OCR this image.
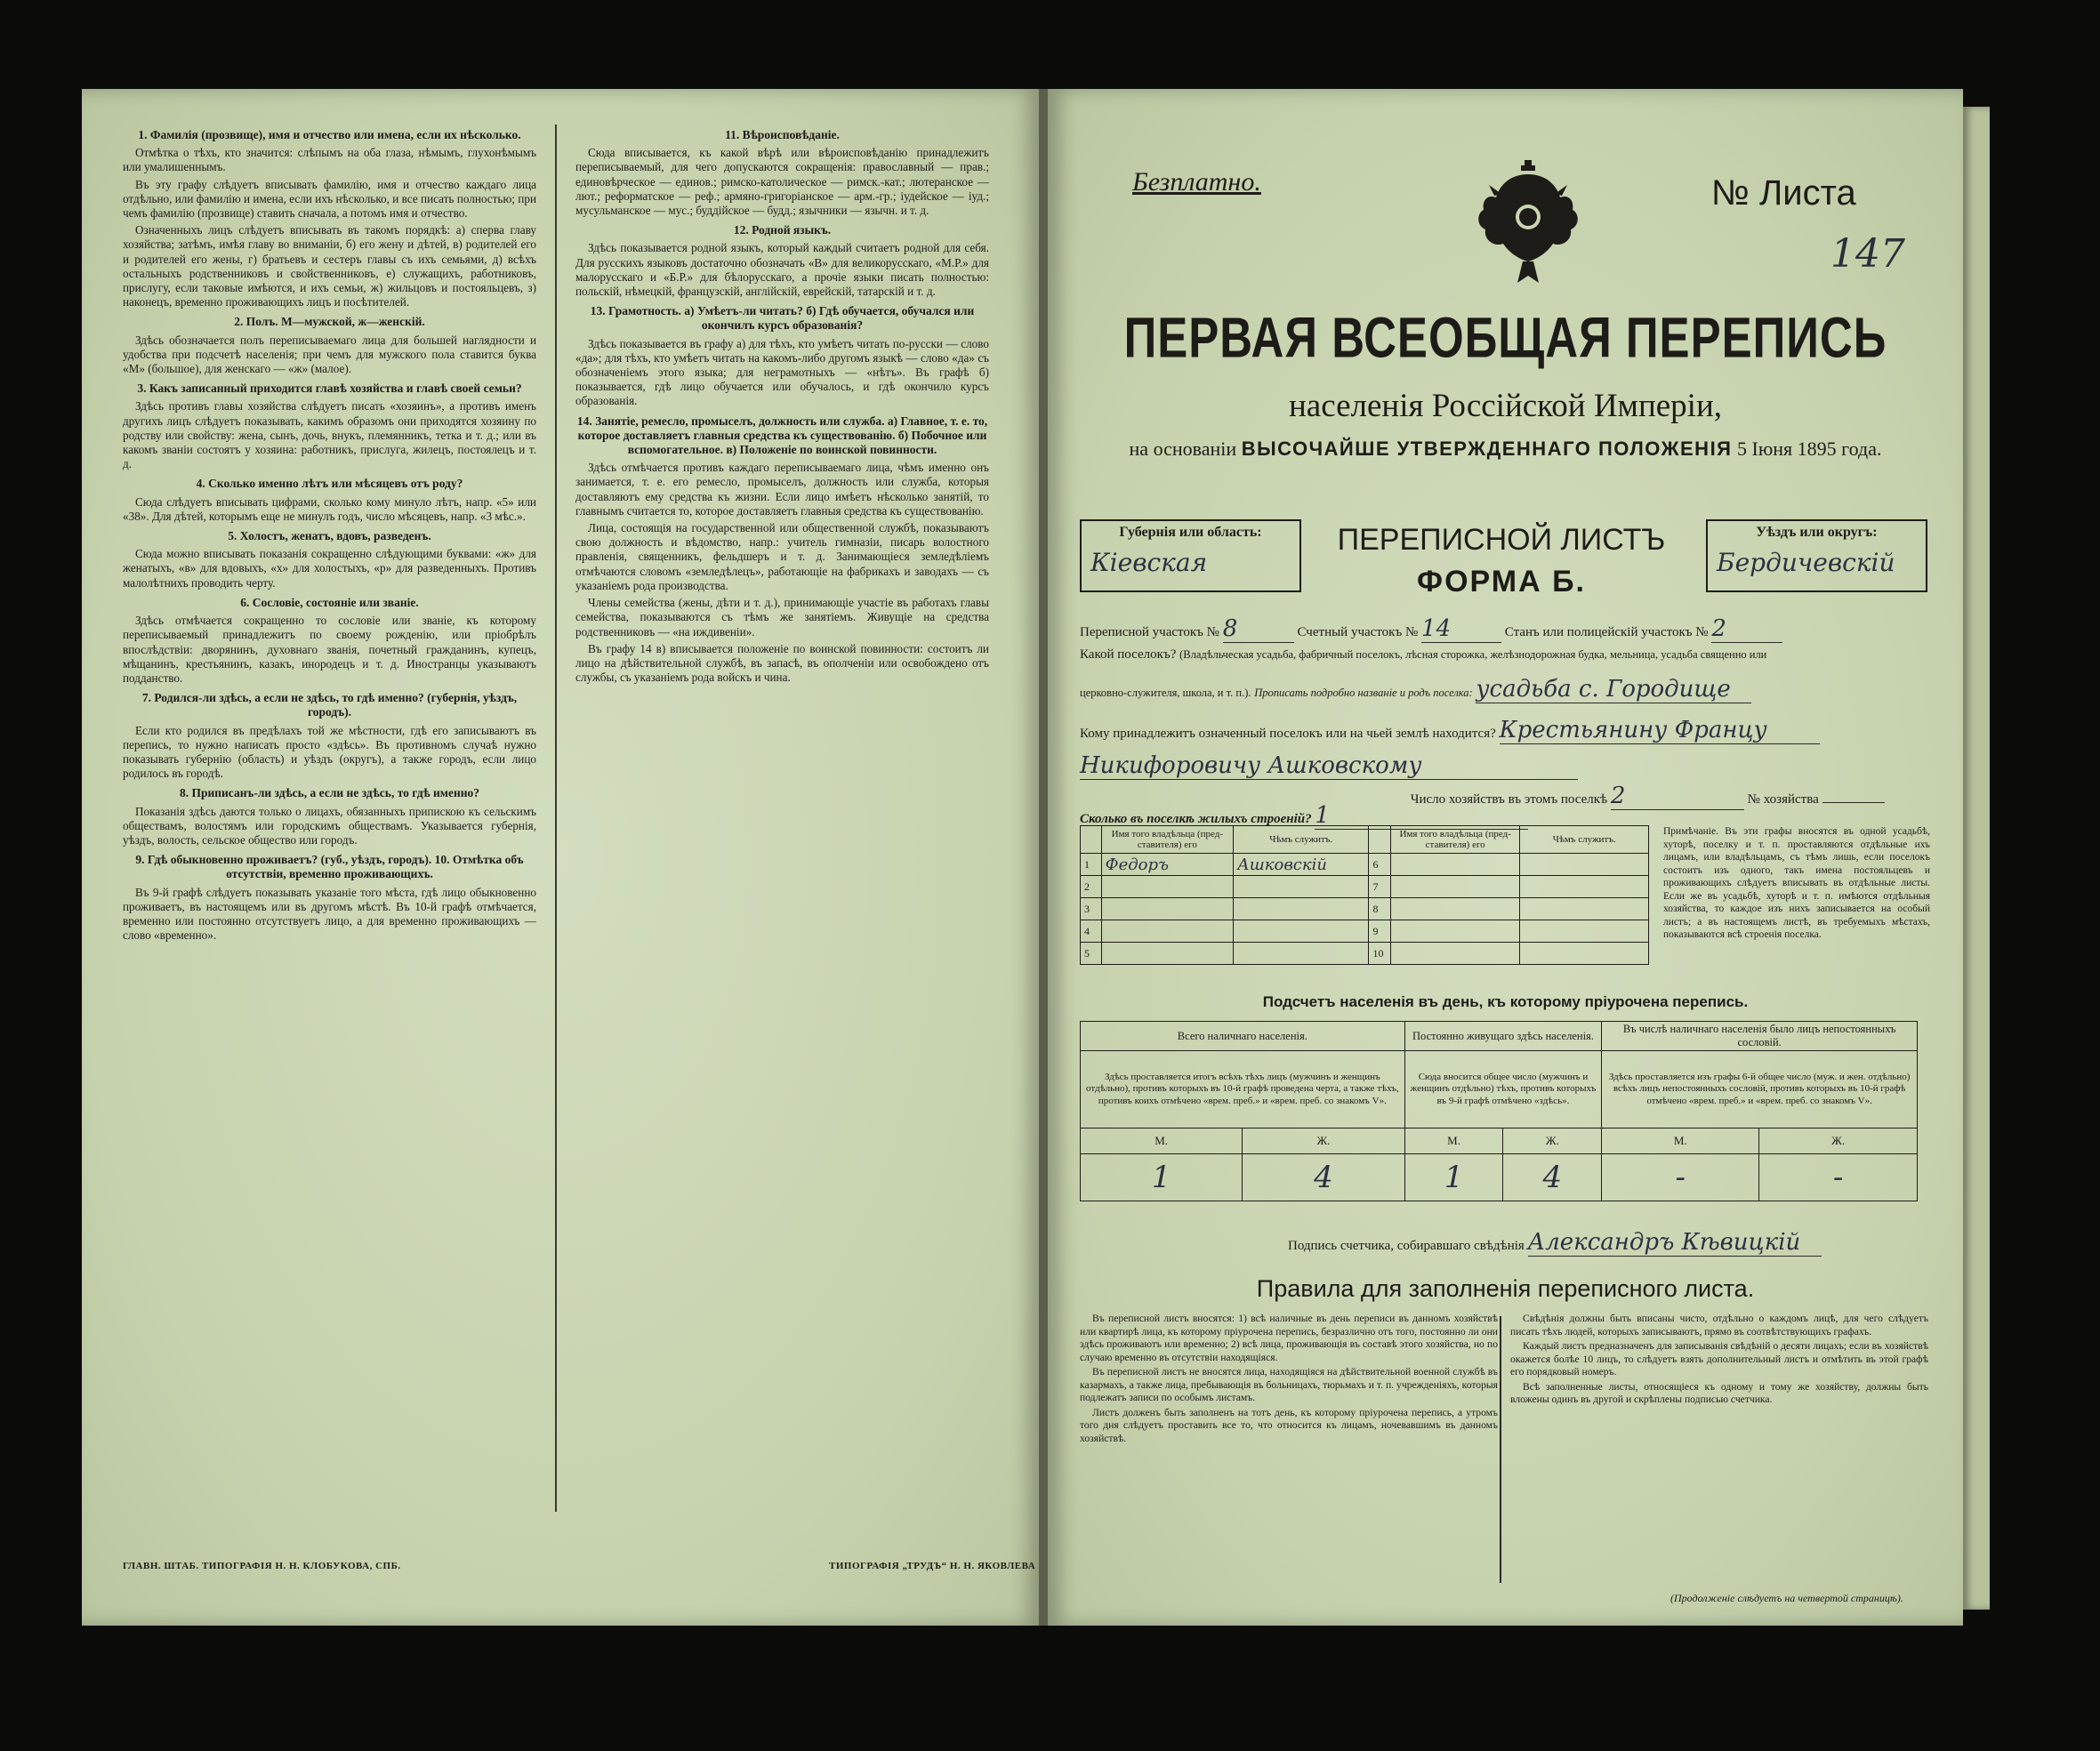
1. Фамилія (прозвище), имя и отчество или имена, если их нѣсколько.

Отмѣтка о тѣхъ, кто значится: слѣпымъ на оба глаза, нѣмымъ, глухонѣмымъ или умалишеннымъ.

Въ эту графу слѣдуетъ вписывать фамилію, имя и отчество каждаго лица отдѣльно, или фамилію и имена, если ихъ нѣсколько, и все писать полностью; при чемъ фамилію (прозвище) ставить сначала, а потомъ имя и отчество.

Означенныхъ лицъ слѣдуетъ вписывать въ такомъ порядкѣ: а) сперва главу хозяйства; затѣмъ, имѣя главу во вниманіи, б) его жену и дѣтей, в) родителей его и родителей его жены, г) братьевъ и сестеръ главы съ ихъ семьями, д) всѣхъ остальныхъ родственниковъ и свойственниковъ, е) служащихъ, работниковъ, прислугу, если таковые имѣются, и ихъ семьи, ж) жильцовъ и постояльцевъ, з) наконецъ, временно проживающихъ лицъ и посѣтителей.

2. Полъ. М—мужской, ж—женскій.

Здѣсь обозначается полъ переписываемаго лица для большей наглядности и удобства при подсчетѣ населенія; при чемъ для мужского пола ставится буква «М» (большое), для женскаго — «ж» (малое).

3. Какъ записанный приходится главѣ хозяйства и главѣ своей семьи?

Здѣсь противъ главы хозяйства слѣдуетъ писать «хозяинъ», а противъ именъ другихъ лицъ слѣдуетъ показывать, какимъ образомъ они приходятся хозяину по родству или свойству: жена, сынъ, дочь, внукъ, племянникъ, тетка и т. д.; или въ какомъ званіи состоятъ у хозяина: работникъ, прислуга, жилецъ, постоялецъ и т. д.

4. Сколько именно лѣтъ или мѣсяцевъ отъ роду?

Сюда слѣдуетъ вписывать цифрами, сколько кому минуло лѣтъ, напр. «5» или «38». Для дѣтей, которымъ еще не минулъ годъ, число мѣсяцевъ, напр. «3 мѣс.».

5. Холостъ, женатъ, вдовъ, разведенъ.

Сюда можно вписывать показанія сокращенно слѣдующими буквами: «ж» для женатыхъ, «в» для вдовыхъ, «х» для холостыхъ, «р» для разведенныхъ. Противъ малолѣтнихъ проводить черту.

6. Сословіе, состояніе или званіе.

Здѣсь отмѣчается сокращенно то сословіе или званіе, къ которому переписываемый принадлежитъ по своему рожденію, или пріобрѣлъ впослѣдствіи: дворянинъ, духовнаго званія, почетный гражданинъ, купецъ, мѣщанинъ, крестьянинъ, казакъ, инородецъ и т. д. Иностранцы указываютъ подданство.

7. Родился-ли здѣсь, а если не здѣсь, то гдѣ именно? (губернія, уѣздъ, городъ).

Если кто родился въ предѣлахъ той же мѣстности, гдѣ его записываютъ въ перепись, то нужно написать просто «здѣсь». Въ противномъ случаѣ нужно показывать губернію (область) и уѣздъ (округъ), а также городъ, если лицо родилось въ городѣ.

8. Приписанъ-ли здѣсь, а если не здѣсь, то гдѣ именно?

Показанія здѣсь даются только о лицахъ, обязанныхъ припискою къ сельскимъ обществамъ, волостямъ или городскимъ обществамъ. Указывается губернія, уѣздъ, волость, сельское общество или городъ.

9. Гдѣ обыкновенно проживаетъ? (губ., уѣздъ, городъ). 10. Отмѣтка объ отсутствіи, временно проживающихъ.

Въ 9-й графѣ слѣдуетъ показывать указаніе того мѣста, гдѣ лицо обыкновенно проживаетъ, въ настоящемъ или въ другомъ мѣстѣ. Въ 10-й графѣ отмѣчается, временно или постоянно отсутствуетъ лицо, а для временно проживающихъ — слово «временно».

11. Вѣроисповѣданіе.

Сюда вписывается, къ какой вѣрѣ или вѣроисповѣданію принадлежитъ переписываемый, для чего допускаются сокращенія: православный — прав.; единовѣрческое — единов.; римско-католическое — римск.-кат.; лютеранское — лют.; реформатское — реф.; армяно-григоріанское — арм.-гр.; іудейское — іуд.; мусульманское — мус.; буддійское — будд.; язычники — язычн. и т. д.

12. Родной языкъ.

Здѣсь показывается родной языкъ, который каждый считаетъ родной для себя. Для русскихъ языковъ достаточно обозначать «В» для великорусскаго, «М.Р.» для малорусскаго и «Б.Р.» для бѣлорусскаго, а прочіе языки писать полностью: польскій, нѣмецкій, французскій, англійскій, еврейскій, татарскій и т. д.

13. Грамотность. а) Умѣетъ-ли читать? б) Гдѣ обучается, обучался или окончилъ курсъ образованія?

Здѣсь показывается въ графу а) для тѣхъ, кто умѣетъ читать по-русски — слово «да»; для тѣхъ, кто умѣетъ читать на какомъ-либо другомъ языкѣ — слово «да» съ обозначеніемъ этого языка; для неграмотныхъ — «нѣтъ». Въ графѣ б) показывается, гдѣ лицо обучается или обучалось, и гдѣ окончило курсъ образованія.

14. Занятіе, ремесло, промыселъ, должность или служба. а) Главное, т. е. то, которое доставляетъ главныя средства къ существованію. б) Побочное или вспомогательное. в) Положеніе по воинской повинности.

Здѣсь отмѣчается противъ каждаго переписываемаго лица, чѣмъ именно онъ занимается, т. е. его ремесло, промыселъ, должность или служба, которыя доставляютъ ему средства къ жизни. Если лицо имѣетъ нѣсколько занятій, то главнымъ считается то, которое доставляетъ главныя средства къ существованію.

Лица, состоящія на государственной или общественной службѣ, показываютъ свою должность и вѣдомство, напр.: учитель гимназіи, писарь волостного правленія, священникъ, фельдшеръ и т. д. Занимающіеся земледѣліемъ отмѣчаются словомъ «земледѣлецъ», работающіе на фабрикахъ и заводахъ — съ указаніемъ рода производства.

Члены семейства (жены, дѣти и т. д.), принимающіе участіе въ работахъ главы семейства, показываются съ тѣмъ же занятіемъ. Живущіе на средства родственниковъ — «на иждивеніи».

Въ графу 14 в) вписывается положеніе по воинской повинности: состоитъ ли лицо на дѣйствительной службѣ, въ запасѣ, въ ополченіи или освобождено отъ службы, съ указаніемъ рода войскъ и чина.

ГЛАВН. ШТАБ. ТИПОГРАФІЯ Н. Н. КЛОБУКОВА, СПБ.	ТИПОГРАФІЯ „ТРУДЪ“ Н. Н. ЯКОВЛЕВА
Безплатно.	№ Листа
147
ПЕРВАЯ ВСЕОБЩАЯ ПЕРЕПИСЬ
населенія Россійской Имперіи,
на основаніи ВЫСОЧАЙШЕ УТВЕРЖДЕННАГО ПОЛОЖЕНІЯ 5 Іюня 1895 года.
Губернія или область:
Кіевская
ПЕРЕПИСНОЙ ЛИСТЪ
ФОРМА Б.
Уѣздъ или округъ:
Бердичевскій
Переписной участокъ № 8	Счетный участокъ № 14	Станъ или полицейскій участокъ № 2
Какой поселокъ? (Владѣльческая усадьба, фабричный поселокъ, лѣсная сторожка, желѣзнодорожная будка, мельница, усадьба священно или
церковно-служителя, школа, и т. п.). Прописать подробно названіе и родъ поселка: усадьба с. Городище
Кому принадлежитъ означенный поселокъ или на чьей землѣ находится? Крестьянину Францу
Никифоровичу Ашковскому
Число хозяйствъ въ этомъ поселкѣ 2	№ хозяйства
Сколько въ поселкѣ жилыхъ строеній? 1
	Имя того владѣльца (пред-ставителя) его	Чѣмъ служитъ.		Имя того владѣльца (пред-ставителя) его	Чѣмъ служитъ.
1	Федоръ	Ашковскій	6		
2			7		
3			8		
4			9		
5			10		
Примѣчаніе. Въ эти графы вносятся въ одной усадьбѣ, хуторѣ, поселку и т. п. проставляются отдѣльные ихъ лицамъ, или владѣльцамъ, съ тѣмъ лишь, если поселокъ состоитъ изъ одного, такъ имена постояльцевъ и проживающихъ слѣдуетъ вписывать въ отдѣльные листы. Если же въ усадьбѣ, хуторѣ и т. п. имѣются отдѣльныя хозяйства, то каждое изъ нихъ записывается на особый листъ; а въ настоящемъ листѣ, въ требуемыхъ мѣстахъ, показываются всѣ строенія поселка.
Подсчетъ населенія въ день, къ которому пріурочена перепись.
Всего наличнаго населенія.		Постоянно живущаго здѣсь населенія.		Въ числѣ наличнаго населенія было лицъ непостоянныхъ сословій.	
Здѣсь проставляется итогъ всѣхъ тѣхъ лицъ (мужчинъ и женщинъ отдѣльно), противъ которыхъ въ 10-й графѣ проведена черта, а также тѣхъ, противъ коихъ отмѣчено «врем. преб.» и «врем. преб. со знакомъ V».		Сюда вносится общее число (мужчинъ и женщинъ отдѣльно) тѣхъ, противъ которыхъ въ 9-й графѣ отмѣчено «здѣсь».		Здѣсь проставляется изъ графы 6-й общее число (муж. и жен. отдѣльно) всѣхъ лицъ непостоянныхъ сословій, противъ которыхъ въ 10-й графѣ отмѣчено «врем. преб.» и «врем. преб. со знакомъ V».	
М.	Ж.	М.	Ж.	М.	Ж.
1	4	1	4	-	-
Подпись счетчика, собиравшаго свѣдѣнія Александръ Кѣвицкій
Правила для заполненія переписного листа.

Въ переписной листъ вносятся: 1) всѣ наличные въ день переписи въ данномъ хозяйствѣ или квартирѣ лица, къ которому пріурочена перепись, безразлично отъ того, постоянно ли они здѣсь проживаютъ или временно; 2) всѣ лица, проживающія въ составѣ этого хозяйства, но по случаю временно въ отсутствіи находящіяся.

Въ переписной листъ не вносятся лица, находящіяся на дѣйствительной военной службѣ въ казармахъ, а также лица, пребывающія въ больницахъ, тюрьмахъ и т. п. учрежденіяхъ, которыя подлежатъ записи по особымъ листамъ.

Листъ долженъ быть заполненъ на тотъ день, къ которому пріурочена перепись, а утромъ того дня слѣдуетъ проставить все то, что относится къ лицамъ, ночевавшимъ въ данномъ хозяйствѣ.

Свѣдѣнія должны быть вписаны чисто, отдѣльно о каждомъ лицѣ, для чего слѣдуетъ писать тѣхъ людей, которыхъ записываютъ, прямо въ соотвѣтствующихъ графахъ.

Каждый листъ предназначенъ для записыванія свѣдѣній о десяти лицахъ; если въ хозяйствѣ окажется болѣе 10 лицъ, то слѣдуетъ взять дополнительный листъ и отмѣтить въ этой графѣ его порядковый номеръ.

Всѣ заполненные листы, относящіеся къ одному и тому же хозяйству, должны быть вложены одинъ въ другой и скрѣплены подписью счетчика.

(Продолженіе слѣдуетъ на четвертой страницѣ).
